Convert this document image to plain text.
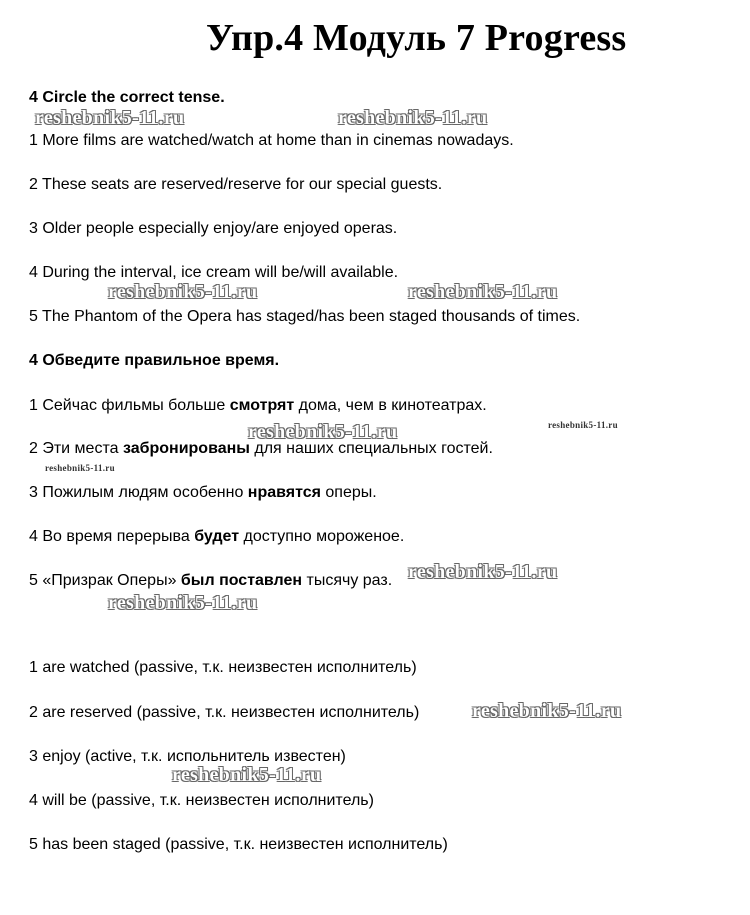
Упр.4 Модуль 7 Progress
4 Circle the correct tense.
1 More films are watched/watch at home than in cinemas nowadays.
2 These seats are reserved/reserve for our special guests.
3 Older people especially enjoy/are enjoyed operas.
4 During the interval, ice cream will be/will available.
5 The Phantom of the Opera has staged/has been staged thousands of times.
4 Обведите правильное время.
1 Сейчас фильмы больше смотрят дома, чем в кинотеатрах.
2 Эти места забронированы для наших специальных гостей.
3 Пожилым людям особенно нравятся оперы.
4 Во время перерыва будет доступно мороженое.
5 «Призрак Оперы» был поставлен тысячу раз.
1 are watched (passive, т.к. неизвестен исполнитель)
2 are reserved (passive, т.к. неизвестен исполнитель)
3 enjoy (active, т.к. испольнитель известен)
4 will be (passive, т.к. неизвестен исполнитель)
5 has been staged (passive, т.к. неизвестен исполнитель)
reshebnik5-11.ru	reshebnik5-11.ru
reshebnik5-11.ru	reshebnik5-11.ru
reshebnik5-11.ru	reshebnik5-11.ru
reshebnik5-11.ru
reshebnik5-11.ru
reshebnik5-11.ru
reshebnik5-11.ru
reshebnik5-11.ru
